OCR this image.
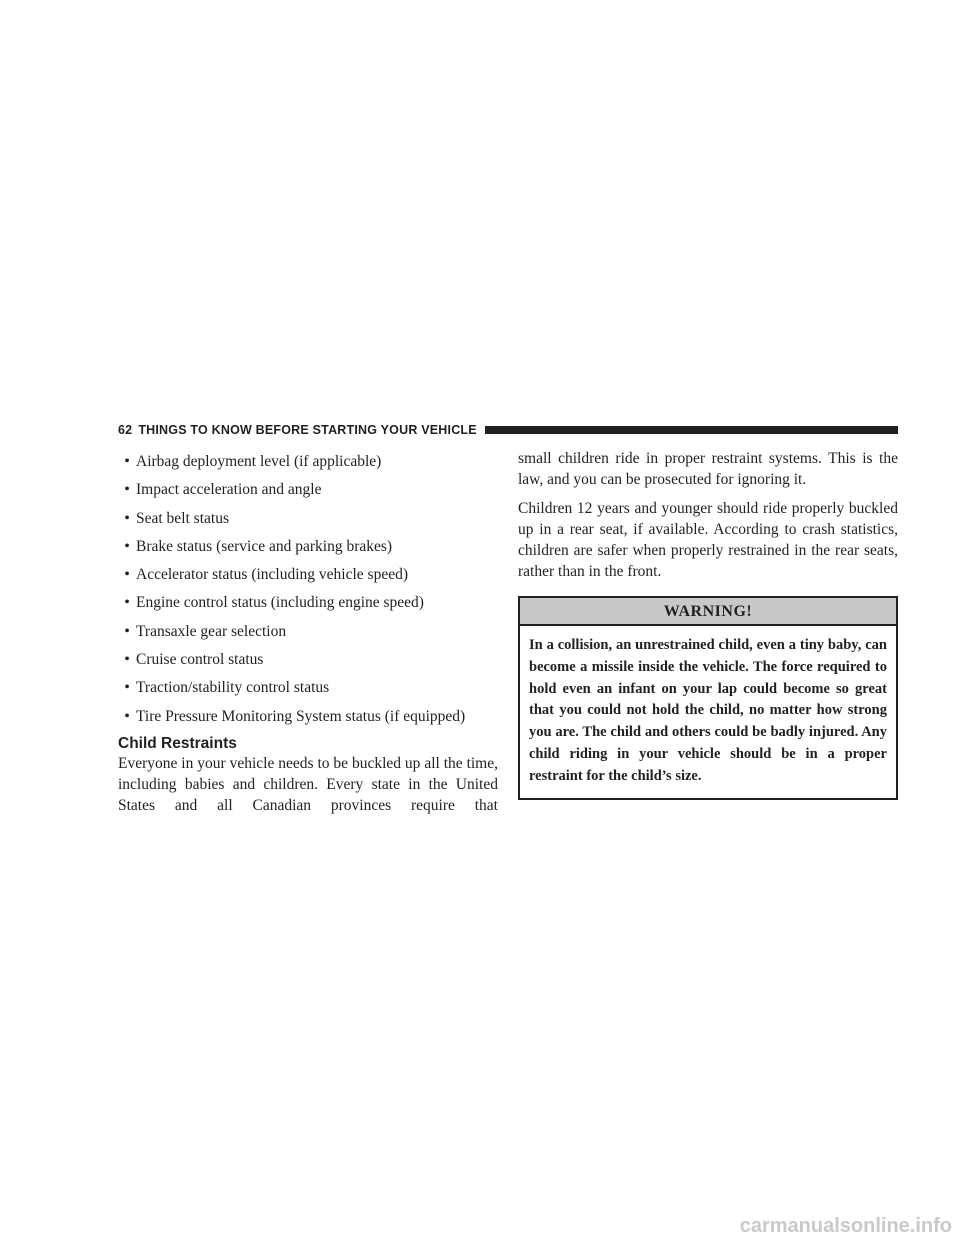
62 THINGS TO KNOW BEFORE STARTING YOUR VEHICLE
• Airbag deployment level (if applicable)
• Impact acceleration and angle
• Seat belt status
• Brake status (service and parking brakes)
• Accelerator status (including vehicle speed)
• Engine control status (including engine speed)
• Transaxle gear selection
• Cruise control status
• Traction/stability control status
• Tire Pressure Monitoring System status (if equipped)
Child Restraints

Everyone in your vehicle needs to be buckled up all the time, including babies and children. Every state in the United States and all Canadian provinces require that

small children ride in proper restraint systems. This is the law, and you can be prosecuted for ignoring it.

Children 12 years and younger should ride properly buckled up in a rear seat, if available. According to crash statistics, children are safer when properly restrained in the rear seats, rather than in the front.

WARNING!
In a collision, an unrestrained child, even a tiny baby, can become a missile inside the vehicle. The force required to hold even an infant on your lap could become so great that you could not hold the child, no matter how strong you are. The child and others could be badly injured. Any child riding in your vehicle should be in a proper restraint for the child’s size.
carmanualsonline.info
